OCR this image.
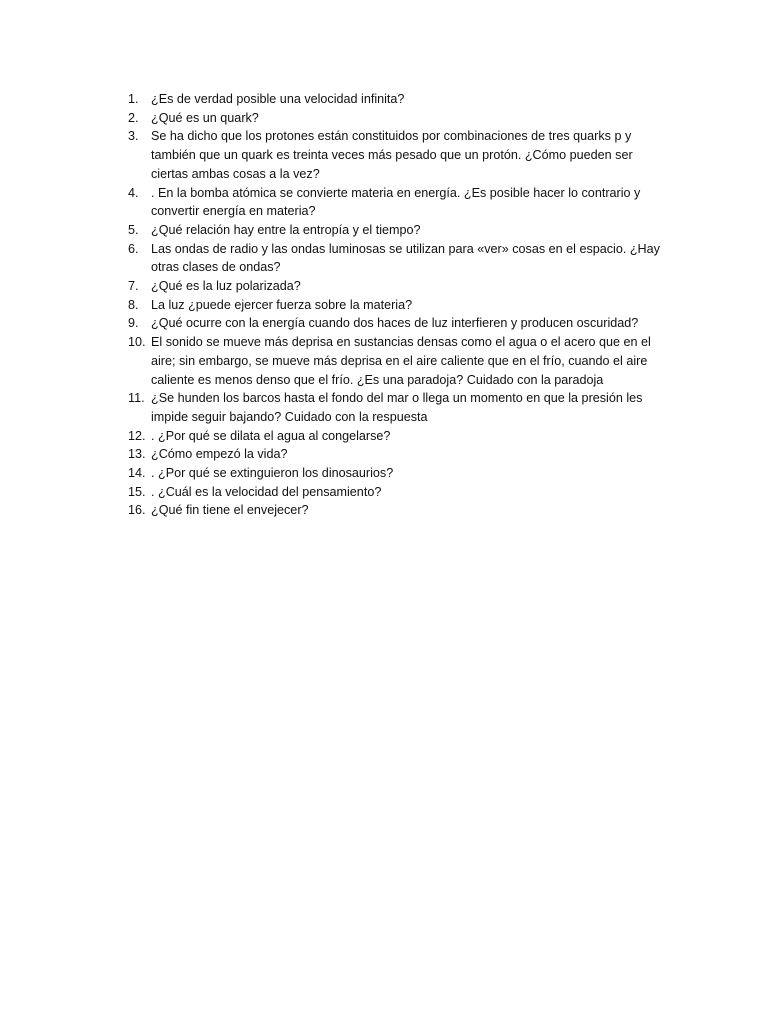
1. ¿Es de verdad posible una velocidad infinita?
2. ¿Qué es un quark?
3. Se ha dicho que los protones están constituidos por combinaciones de tres quarks p y también que un quark es treinta veces más pesado que un protón. ¿Cómo pueden ser ciertas ambas cosas a la vez?
4. . En la bomba atómica se convierte materia en energía. ¿Es posible hacer lo contrario y convertir energía en materia?
5. ¿Qué relación hay entre la entropía y el tiempo?
6. Las ondas de radio y las ondas luminosas se utilizan para «ver» cosas en el espacio. ¿Hay otras clases de ondas?
7. ¿Qué es la luz polarizada?
8. La luz ¿puede ejercer fuerza sobre la materia?
9. ¿Qué ocurre con la energía cuando dos haces de luz interfieren y producen oscuridad?
10. El sonido se mueve más deprisa en sustancias densas como el agua o el acero que en el aire; sin embargo, se mueve más deprisa en el aire caliente que en el frío, cuando el aire caliente es menos denso que el frío. ¿Es una paradoja? Cuidado con la paradoja
11. ¿Se hunden los barcos hasta el fondo del mar o llega un momento en que la presión les impide seguir bajando? Cuidado con la respuesta
12. . ¿Por qué se dilata el agua al congelarse?
13. ¿Cómo empezó la vida?
14. . ¿Por qué se extinguieron los dinosaurios?
15. . ¿Cuál es la velocidad del pensamiento?
16. ¿Qué fin tiene el envejecer?
